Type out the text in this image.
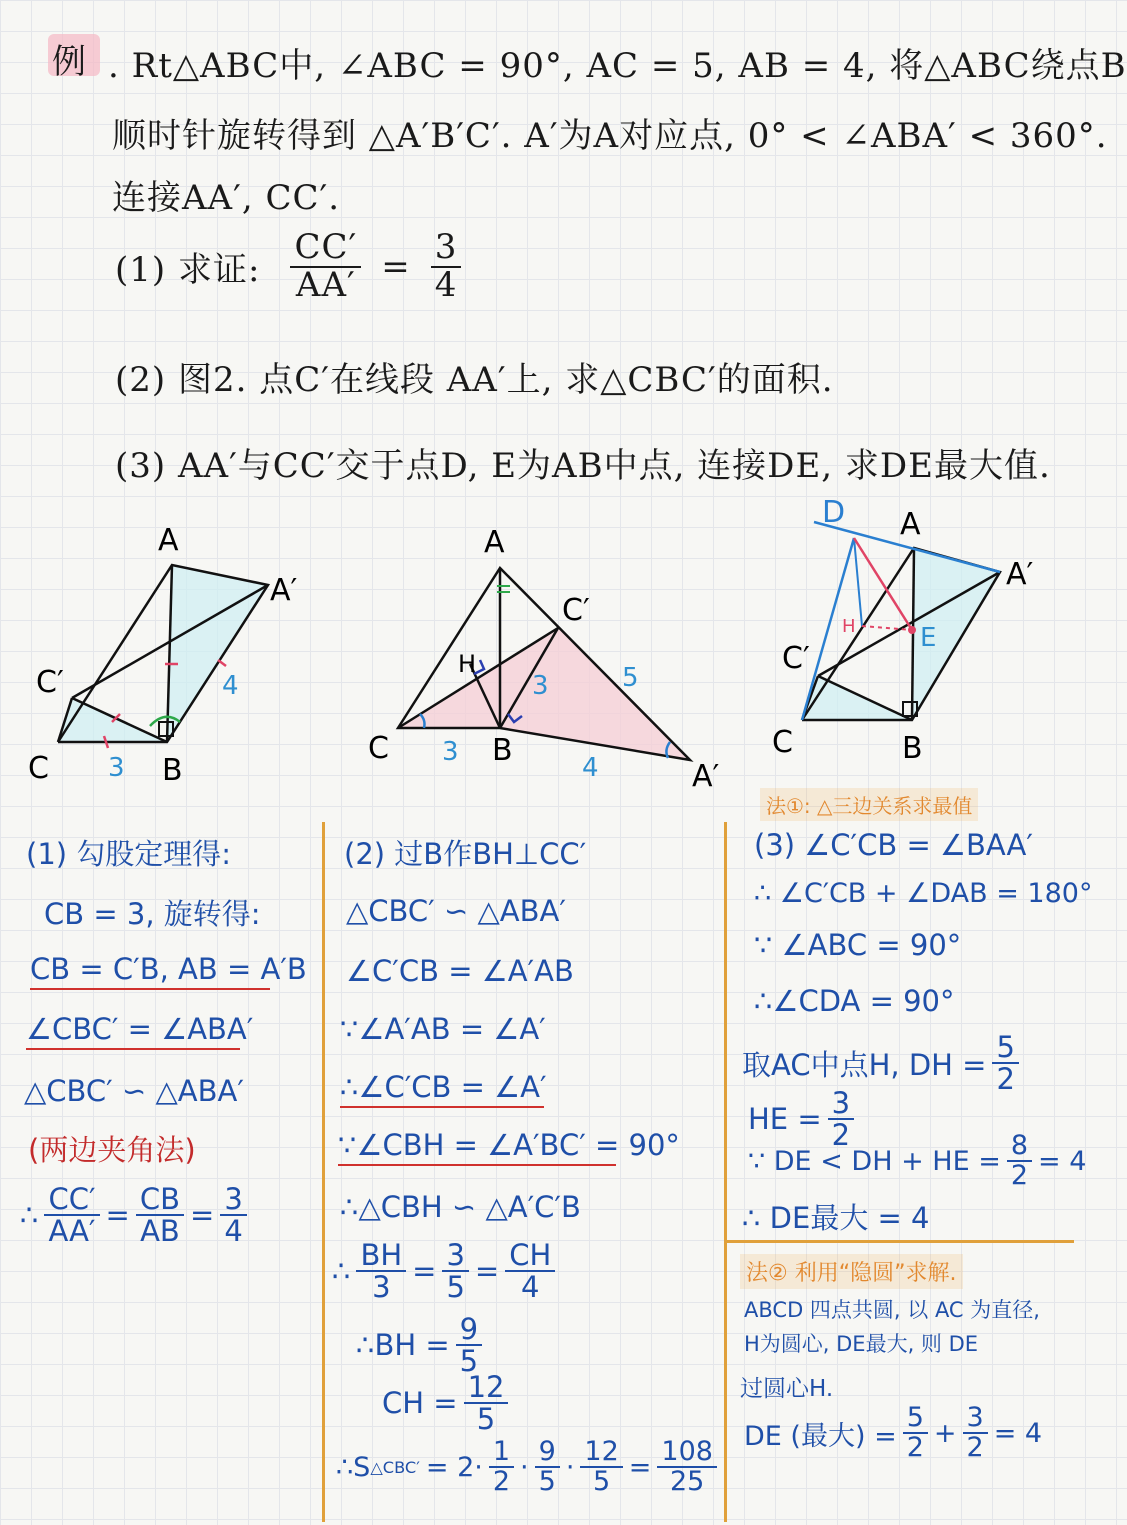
例 . Rt△ABC中, ∠ABC = 90°, AC = 5, AB = 4, 将△ABC绕点B
顺时针旋转得到 △A′B′C′. A′为A对应点, 0° < ∠ABA′ < 360°.
连接AA′, CC′.
(1) 求证: $\frac{CC'}{AA'} = \frac{3}{4}$
(2) 图2. 点C′在线段 AA′上, 求△CBC′的面积.
(3) AA′与CC′交于点D, E为AB中点, 连接DE, 求DE最大值.
A
A′
C′
C	B
3
4
A
C′
C	B
A′
H
3
3
4
5
D A
A′
C′
C	B
H E
(1) 勾股定理得:
CB = 3, 旋转得:
CB = C′B, AB = A′B
∠CBC′ = ∠ABA′
△CBC′ ∽ △ABA′
(两边夹角法)
∴ $\frac{CC'}{AA'} = \frac{CB}{AB} = \frac{3}{4}$
(2) 过B作BH⊥CC′
△CBC′ ∽ △ABA′
∠C′CB = ∠A′AB
∵∠A′AB = ∠A′
∴∠C′CB = ∠A′
∵∠CBH = ∠A′BC′ = 90°
∴△CBH ∽ △A′C′B
∴ $\frac{BH}{3} = \frac{3}{5} = \frac{CH}{4}$
∴BH = $\frac{9}{5}$
CH = $\frac{12}{5}$
∴S △CBC′ = $2\cdot \frac{1}{2} \cdot \frac{9}{5} \cdot \frac{12}{5} = \frac{108}{25}$
法①: △三边关系求最值
(3) ∠C′CB = ∠BAA′
∴ ∠C′CB + ∠DAB = 180°
∵ ∠ABC = 90°
∴∠CDA = 90°
取AC中点H, DH = $\frac{5}{2}$
HE = $\frac{3}{2}$
∵ DE < DH + HE = $\frac{8}{2} = 4$
∴ DE最大 = 4
法② 利用“隐圆”求解.
ABCD 四点共圆, 以 AC 为直径,
H为圆心, DE最大, 则 DE
过圆心H.
DE (最大) = $\frac{5}{2} + \frac{3}{2} = 4$
